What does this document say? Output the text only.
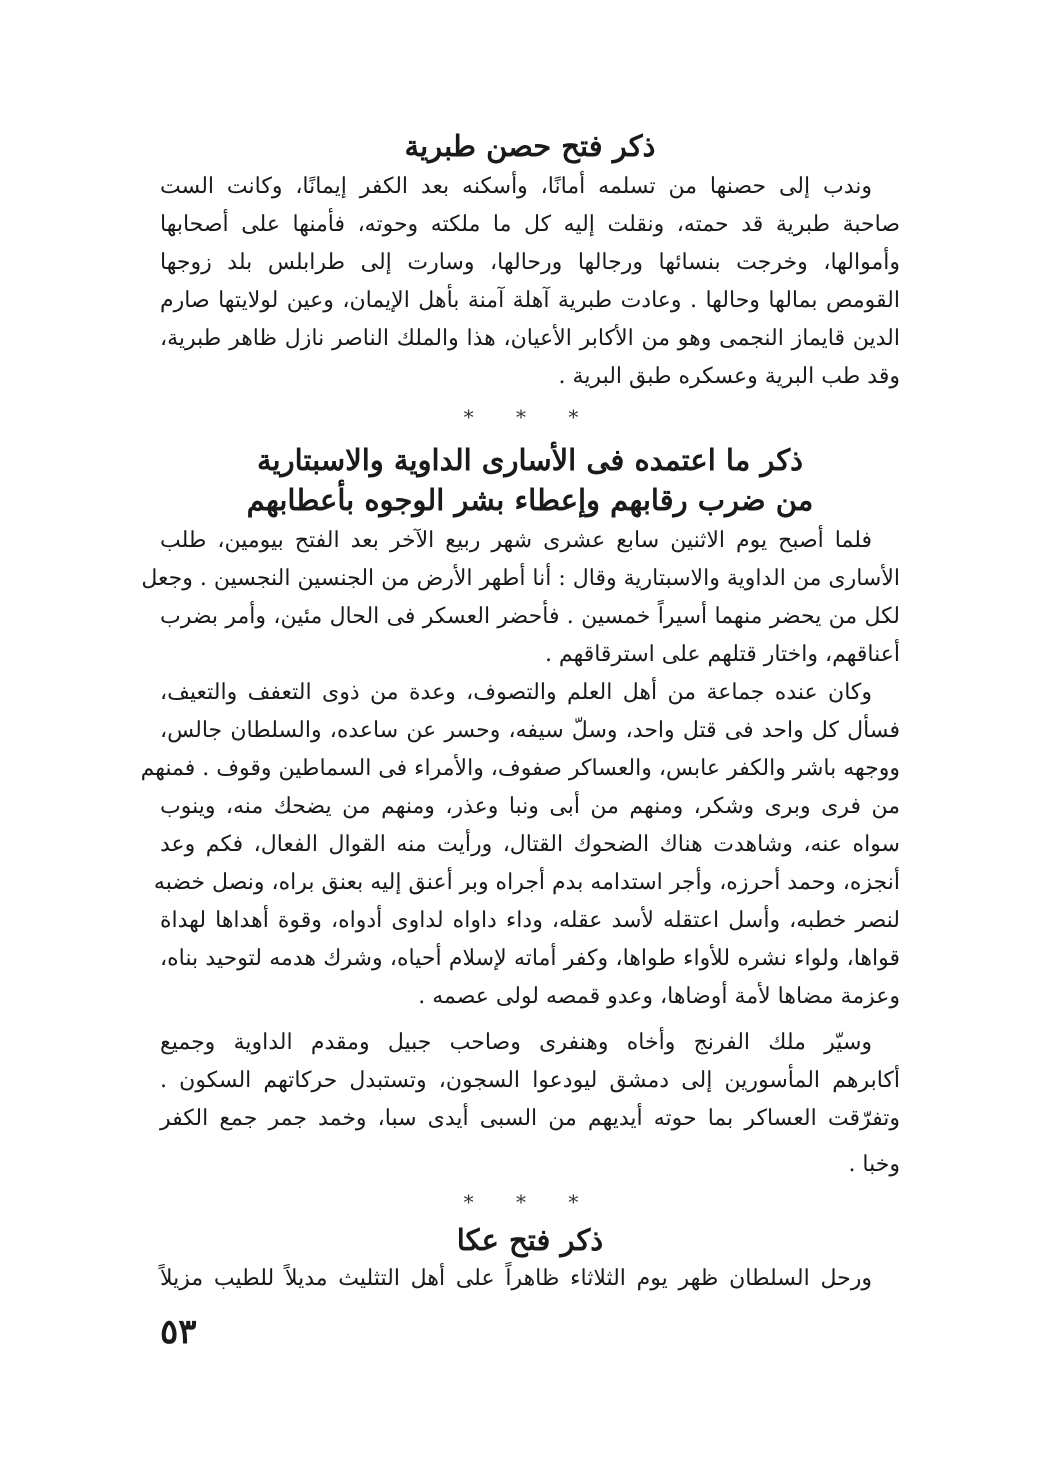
ذكر فتح حصن طبرية
وندب إلى حصنها من تسلمه أمانًا، وأسكنه بعد الكفر إيمانًا، وكانت الست
صاحبة طبرية قد حمته، ونقلت إليه كل ما ملكته وحوته، فأمنها على أصحابها
وأموالها، وخرجت بنسائها ورجالها ورحالها، وسارت إلى طرابلس بلد زوجها
القومص بمالها وحالها . وعادت طبرية آهلة آمنة بأهل الإيمان، وعين لولايتها صارم
الدين قايماز النجمى وهو من الأكابر الأعيان، هذا والملك الناصر نازل ظاهر طبرية،
وقد طب البرية وعسكره طبق البرية .
* * *
ذكر ما اعتمده فى الأسارى الداوية والاسبتارية
من ضرب رقابهم وإعطاء بشر الوجوه بأعطابهم
فلما أصبح يوم الاثنين سابع عشرى شهر ربيع الآخر بعد الفتح بيومين، طلب
الأسارى من الداوية والاسبتارية وقال : أنا أطهر الأرض من الجنسين النجسين . وجعل
لكل من يحضر منهما أسيراً خمسين . فأحضر العسكر فى الحال مئين، وأمر بضرب
أعناقهم، واختار قتلهم على استرقاقهم .
وكان عنده جماعة من أهل العلم والتصوف، وعدة من ذوى التعفف والتعيف،
فسأل كل واحد فى قتل واحد، وسلّ سيفه، وحسر عن ساعده، والسلطان جالس،
ووجهه باشر والكفر عابس، والعساكر صفوف، والأمراء فى السماطين وقوف . فمنهم
من فرى وبرى وشكر، ومنهم من أبى ونبا وعذر، ومنهم من يضحك منه، وينوب
سواه عنه، وشاهدت هناك الضحوك القتال، ورأيت منه القوال الفعال، فكم وعد
أنجزه، وحمد أحرزه، وأجر استدامه بدم أجراه وبر أعنق إليه بعنق براه، ونصل خضبه
لنصر خطبه، وأسل اعتقله لأسد عقله، وداء داواه لداوى أدواه، وقوة أهداها لهداة
قواها، ولواء نشره للأواء طواها، وكفر أماته لإسلام أحياه، وشرك هدمه لتوحيد بناه،
وعزمة مضاها لأمة أوضاها، وعدو قمصه لولى عصمه .
وسيّر ملك الفرنج وأخاه وهنفرى وصاحب جبيل ومقدم الداوية وجميع
أكابرهم المأسورين إلى دمشق ليودعوا السجون، وتستبدل حركاتهم السكون .
وتفرّقت العساكر بما حوته أيديهم من السبى أيدى سبا، وخمد جمر جمع الكفر
وخبا .
* * *
ذكر فتح عكا
ورحل السلطان ظهر يوم الثلاثاء ظاهراً على أهل التثليث مديلاً للطيب مزيلاً
٥٣
